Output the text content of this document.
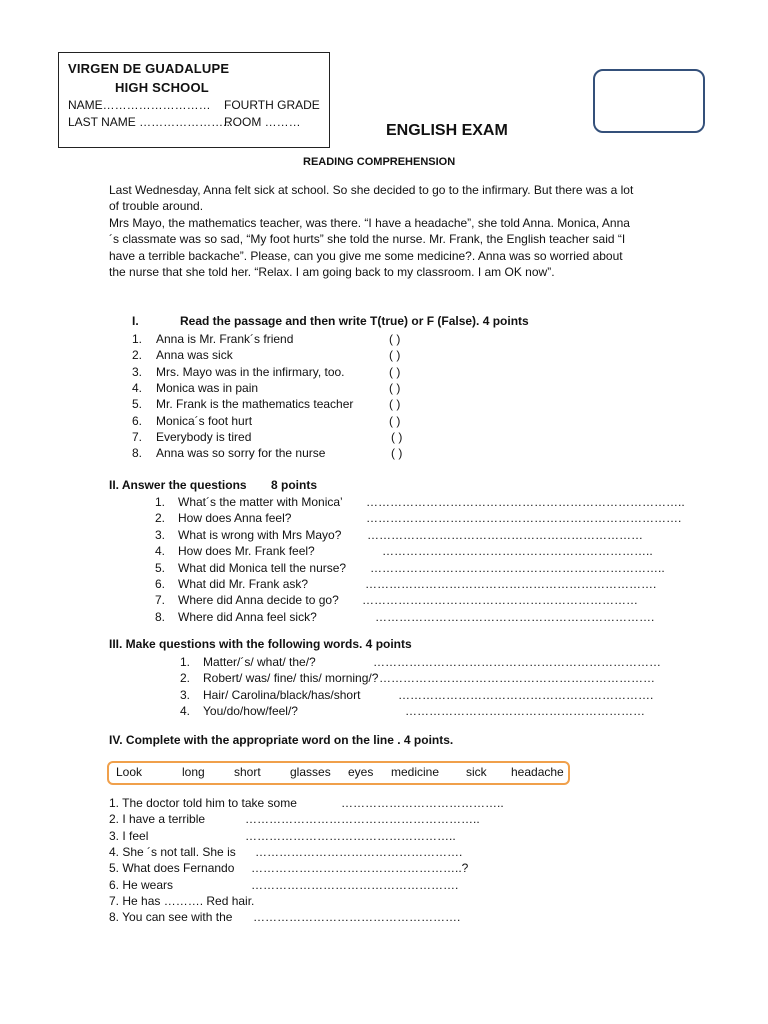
VIRGEN DE GUADALUPE
HIGH SCHOOL
NAME……………………… FOURTH GRADE
LAST NAME …………………..
ROOM ………	ENGLISH EXAM
READING COMPREHENSION

Last Wednesday, Anna felt sick at school. So she decided to go to the infirmary. But there was a lot of trouble around.

Mrs Mayo, the mathematics teacher, was there. “I have a headache”, she told Anna. Monica, Anna´s classmate was so sad, “My foot hurts” she told the nurse. Mr. Frank, the English teacher said “I have a terrible backache”. Please, can you give me some medicine?. Anna was so worried about the nurse that she told her. “Relax. I am going back to my classroom. I am OK now”.

I.	Read the passage and then write T(true) or F (False). 4 points
1. Anna is Mr. Frank´s friend	( )
2. Anna was sick	( )
3. Mrs. Mayo was in the infirmary, too.	( )
4. Monica was in pain	( )
5. Mr. Frank is the mathematics teacher	( )
6. Monica´s foot hurt	( )
7. Everybody is tired	( )
8. Anna was so sorry for the nurse	( )
II. Answer the questions 8 points
1. What´s the matter with Monica’ ……………………………………………………………………..
2. How does Anna feel?	…………………………………………………………………….
3. What is wrong with Mrs Mayo? ……………………………………………………………
4. How does Mr. Frank feel?	…………………………………………………………..
5. What did Monica tell the nurse? ………………………………………………………………..
6. What did Mr. Frank ask?	……………………………………………………………….
7. Where did Anna decide to go? ……………………………………………………………
8. Where did Anna feel sick?	…………………………………………………………….
III. Make questions with the following words. 4 points
1. Matter/´s/ what/ the/?	………………………………………………………………
2. Robert/ was/ fine/ this/ morning/? ……………………………………………………………
3. Hair/ Carolina/black/has/short	……………………………………………………….
4. You/do/how/feel/?	……………………………………………………
IV. Complete with the appropriate word on the line . 4 points.
Look	long short glasses eyes medicine sick headache
1. The doctor told him to take some	…………………………………..
2. I have a terrible	…………………………………………………..
3. I feel	……………………………………………..
4. She ´s not tall. She is …………………………………………….
5. What does Fernando ……………………………………………..?
6. He wears	…………………………………………….
7. He has ………. Red hair.
8. You can see with the …………………………………………….
